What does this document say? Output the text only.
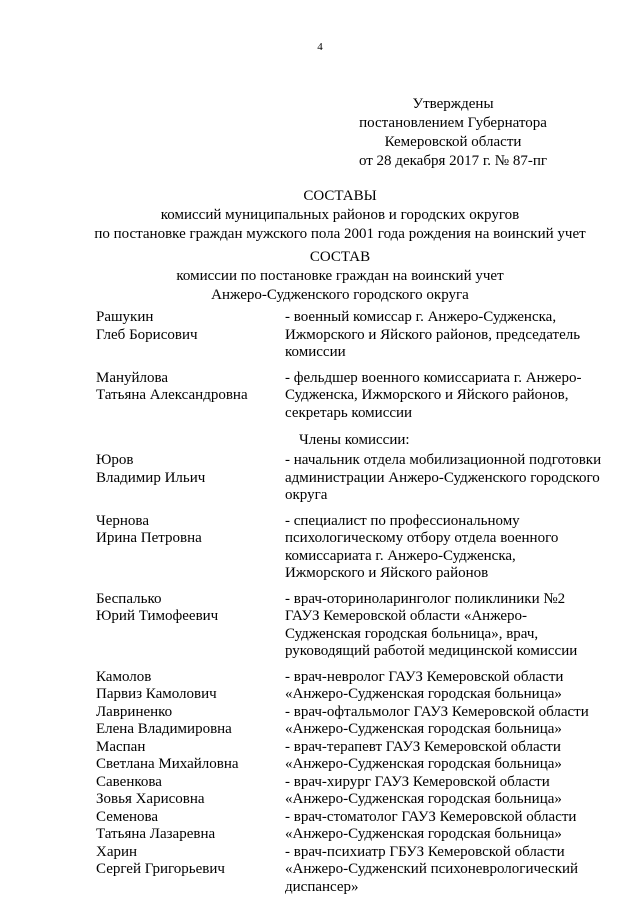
4
Утверждены
постановлением Губернатора
Кемеровской области
от 28 декабря 2017 г. № 87-пг
СОСТАВЫ
комиссий муниципальных районов и городских округов
по постановке граждан мужского пола 2001 года рождения на воинский учет
СОСТАВ
комиссии по постановке граждан на воинский учет
Анжеро-Судженского городского округа
Рашукин
Глеб Борисович
- военный комиссар г. Анжеро-Судженска,
Ижморского и Яйского районов, председатель
комиссии
Мануйлова
Татьяна Александровна
- фельдшер военного комиссариата г. Анжеро-
Судженска, Ижморского и Яйского районов,
секретарь комиссии
Члены комиссии:
Юров
Владимир Ильич
- начальник отдела мобилизационной подготовки
администрации Анжеро-Судженского городского
округа
Чернова
Ирина Петровна
- специалист по профессиональному
психологическому отбору отдела военного
комиссариата г. Анжеро-Судженска,
Ижморского и Яйского районов
Беспалько
Юрий Тимофеевич
- врач-оториноларинголог поликлиники №2
ГАУЗ Кемеровской области «Анжеро-
Судженская городская больница», врач,
руководящий работой медицинской комиссии
Камолов
Парвиз Камолович
- врач-невролог ГАУЗ Кемеровской области
«Анжеро-Судженская городская больница»
Лавриненко
Елена Владимировна
- врач-офтальмолог ГАУЗ Кемеровской области
«Анжеро-Судженская городская больница»
Маспан
Светлана Михайловна
- врач-терапевт ГАУЗ Кемеровской области
«Анжеро-Судженская городская больница»
Савенкова
Зовья Харисовна
- врач-хирург ГАУЗ Кемеровской области
«Анжеро-Судженская городская больница»
Семенова
Татьяна Лазаревна
- врач-стоматолог ГАУЗ Кемеровской области
«Анжеро-Судженская городская больница»
Харин
Сергей Григорьевич
- врач-психиатр ГБУЗ Кемеровской области
«Анжеро-Судженский психоневрологический
диспансер»
